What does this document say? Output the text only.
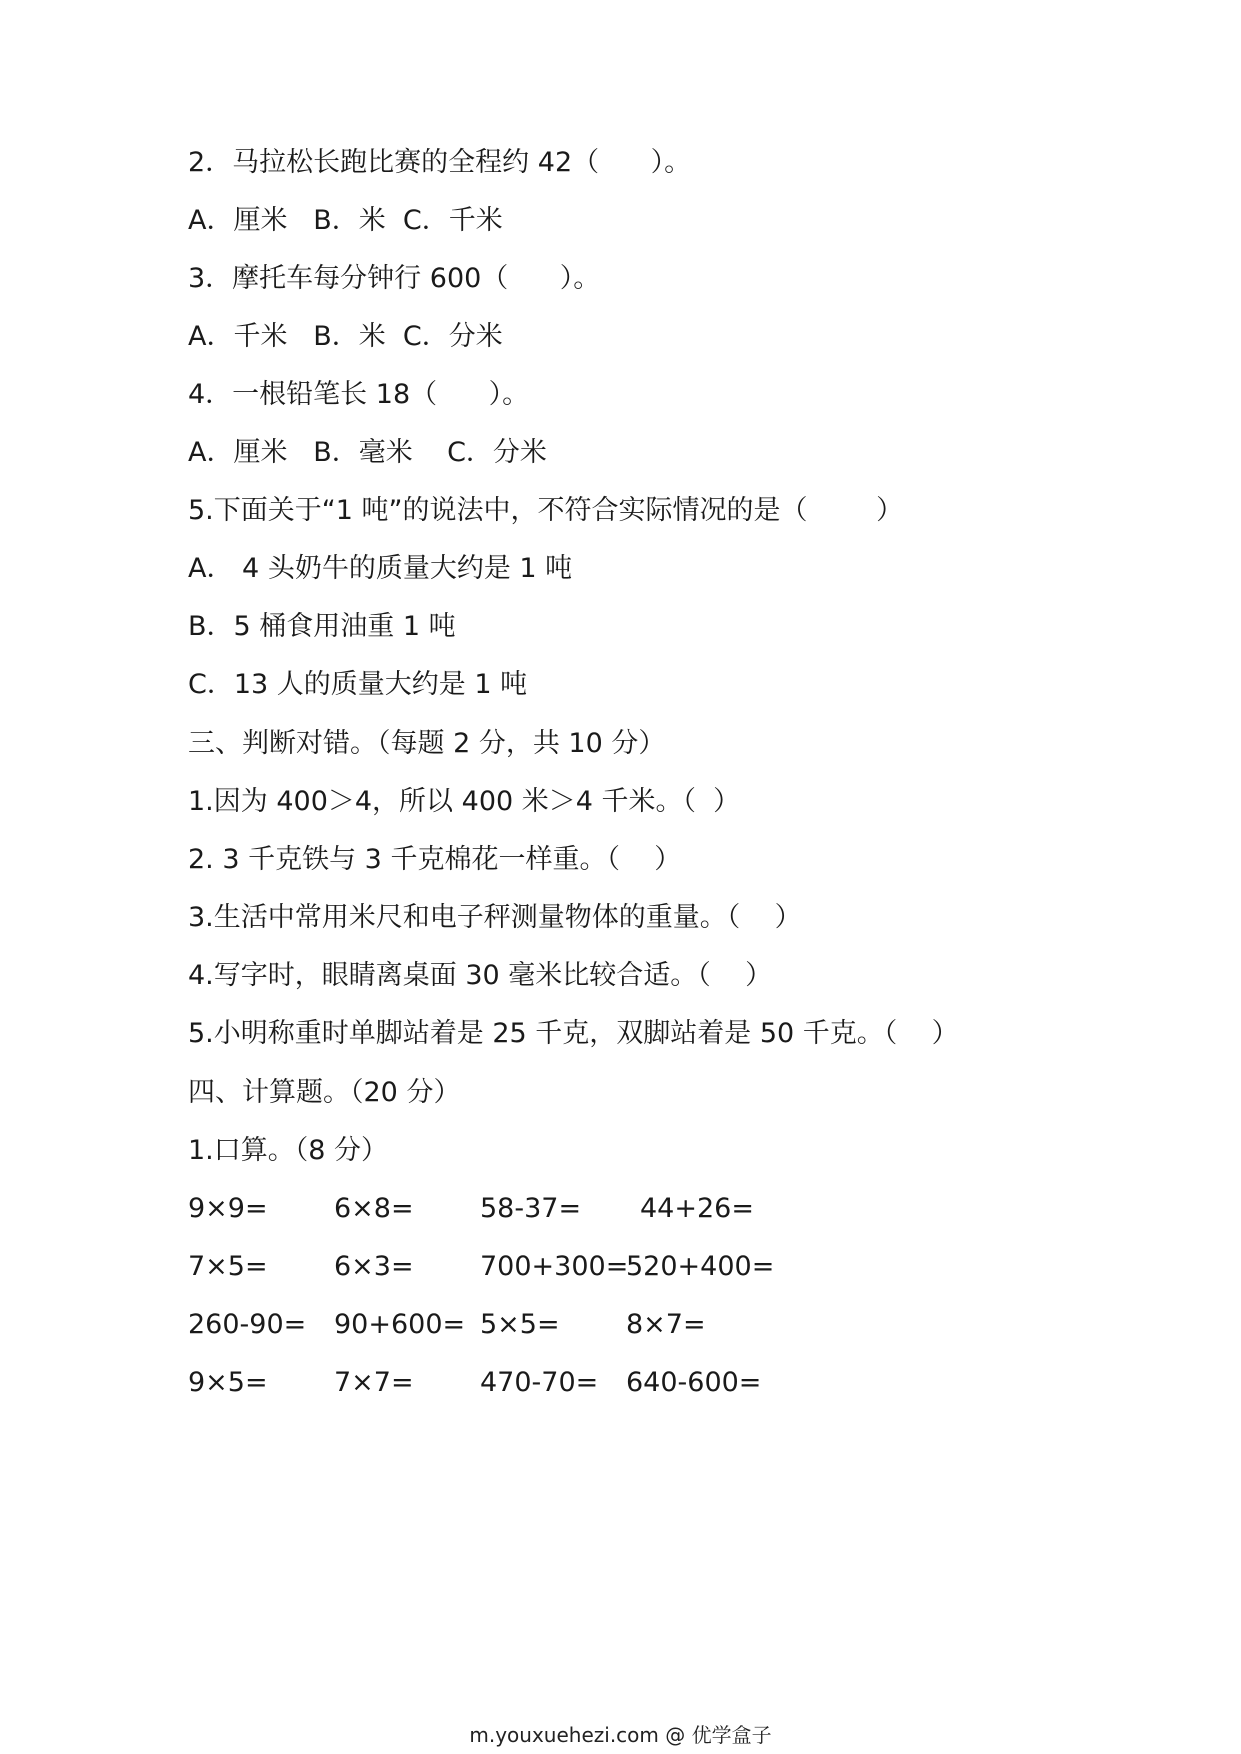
2．马拉松长跑比赛的全程约 42（      ）。
A．厘米   B．米  C．千米
3．摩托车每分钟行 600（      ）。
A．千米   B．米  C．分米
4．一根铅笔长 18（      ）。
A．厘米   B．毫米    C．分米
5.下面关于“1 吨”的说法中，不符合实际情况的是（        ）
A． 4 头奶牛的质量大约是 1 吨
B．5 桶食用油重 1 吨
C．13 人的质量大约是 1 吨
三、判断对错。（每题 2 分，共 10 分）
1.因为 400＞4，所以 400 米＞4 千米。（  ）
2. 3 千克铁与 3 千克棉花一样重。（    ）
3.生活中常用米尺和电子秤测量物体的重量。（    ）
4.写字时，眼睛离桌面 30 毫米比较合适。（    ）
5.小明称重时单脚站着是 25 千克，双脚站着是 50 千克。（    ）
四、计算题。（20 分）
1.口算。（8 分）
9×9= 6×8= 58-37= 44+26=
7×5= 6×3= 700+300=
520+400=
260-90= 90+600= 5×5= 8×7=
9×5= 7×7= 470-70= 640-600=
m.youxuehezi.com @ 优学盒子
